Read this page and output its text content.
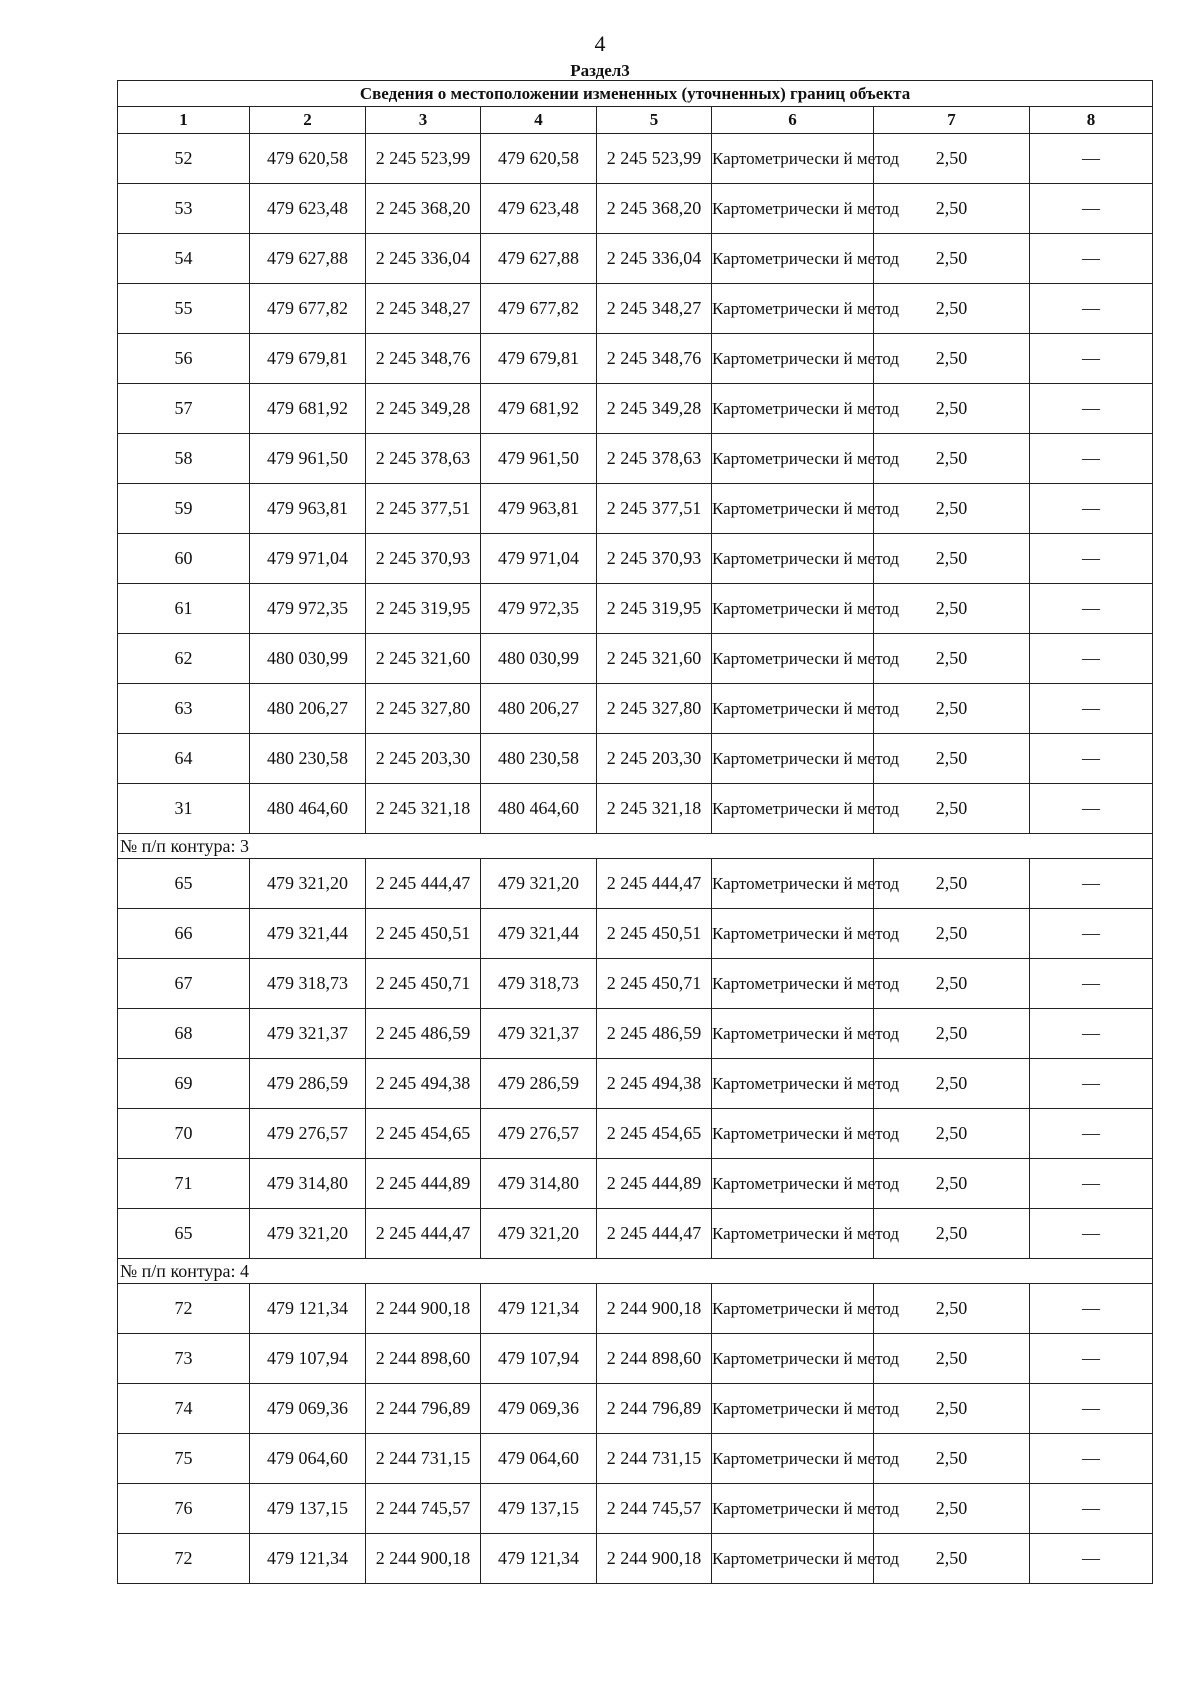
4
Раздел3
Сведения о местоположении измененных (уточненных) границ объекта							
1	2	3	4	5	6	7	8
52	479 620,58	2 245 523,99	479 620,58	2 245 523,99	Картометрически й метод	2,50	—
53	479 623,48	2 245 368,20	479 623,48	2 245 368,20	Картометрически й метод	2,50	—
54	479 627,88	2 245 336,04	479 627,88	2 245 336,04	Картометрически й метод	2,50	—
55	479 677,82	2 245 348,27	479 677,82	2 245 348,27	Картометрически й метод	2,50	—
56	479 679,81	2 245 348,76	479 679,81	2 245 348,76	Картометрически й метод	2,50	—
57	479 681,92	2 245 349,28	479 681,92	2 245 349,28	Картометрически й метод	2,50	—
58	479 961,50	2 245 378,63	479 961,50	2 245 378,63	Картометрически й метод	2,50	—
59	479 963,81	2 245 377,51	479 963,81	2 245 377,51	Картометрически й метод	2,50	—
60	479 971,04	2 245 370,93	479 971,04	2 245 370,93	Картометрически й метод	2,50	—
61	479 972,35	2 245 319,95	479 972,35	2 245 319,95	Картометрически й метод	2,50	—
62	480 030,99	2 245 321,60	480 030,99	2 245 321,60	Картометрически й метод	2,50	—
63	480 206,27	2 245 327,80	480 206,27	2 245 327,80	Картометрически й метод	2,50	—
64	480 230,58	2 245 203,30	480 230,58	2 245 203,30	Картометрически й метод	2,50	—
31	480 464,60	2 245 321,18	480 464,60	2 245 321,18	Картометрически й метод	2,50	—
№ п/п контура: 3							
65	479 321,20	2 245 444,47	479 321,20	2 245 444,47	Картометрически й метод	2,50	—
66	479 321,44	2 245 450,51	479 321,44	2 245 450,51	Картометрически й метод	2,50	—
67	479 318,73	2 245 450,71	479 318,73	2 245 450,71	Картометрически й метод	2,50	—
68	479 321,37	2 245 486,59	479 321,37	2 245 486,59	Картометрически й метод	2,50	—
69	479 286,59	2 245 494,38	479 286,59	2 245 494,38	Картометрически й метод	2,50	—
70	479 276,57	2 245 454,65	479 276,57	2 245 454,65	Картометрически й метод	2,50	—
71	479 314,80	2 245 444,89	479 314,80	2 245 444,89	Картометрически й метод	2,50	—
65	479 321,20	2 245 444,47	479 321,20	2 245 444,47	Картометрически й метод	2,50	—
№ п/п контура: 4							
72	479 121,34	2 244 900,18	479 121,34	2 244 900,18	Картометрически й метод	2,50	—
73	479 107,94	2 244 898,60	479 107,94	2 244 898,60	Картометрически й метод	2,50	—
74	479 069,36	2 244 796,89	479 069,36	2 244 796,89	Картометрически й метод	2,50	—
75	479 064,60	2 244 731,15	479 064,60	2 244 731,15	Картометрически й метод	2,50	—
76	479 137,15	2 244 745,57	479 137,15	2 244 745,57	Картометрически й метод	2,50	—
72	479 121,34	2 244 900,18	479 121,34	2 244 900,18	Картометрически й метод	2,50	—
